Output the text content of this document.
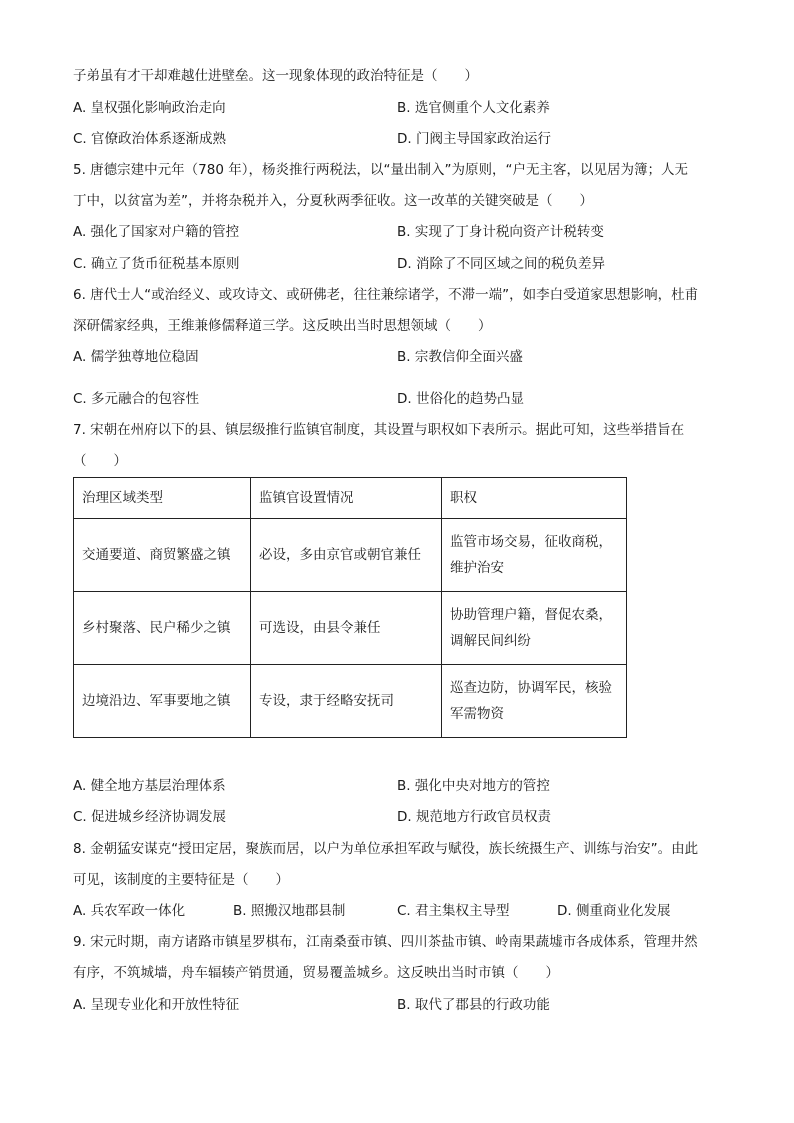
子弟虽有才干却难越仕进壁垒。这一现象体现的政治特征是（　　）
A. 皇权强化影响政治走向	B. 选官侧重个人文化素养
C. 官僚政治体系逐渐成熟	D. 门阀主导国家政治运行
5. 唐德宗建中元年（780 年），杨炎推行两税法，以“量出制入”为原则，“户无主客，以见居为簿；人无
丁中，以贫富为差”，并将杂税并入，分夏秋两季征收。这一改革的关键突破是（　　）
A. 强化了国家对户籍的管控	B. 实现了丁身计税向资产计税转变
C. 确立了货币征税基本原则	D. 消除了不同区域之间的税负差异
6. 唐代士人“或治经义、或攻诗文、或研佛老，往往兼综诸学，不滞一端”，如李白受道家思想影响，杜甫
深研儒家经典，王维兼修儒释道三学。这反映出当时思想领域（　　）
A. 儒学独尊地位稳固	B. 宗教信仰全面兴盛
C. 多元融合的包容性	D. 世俗化的趋势凸显
7. 宋朝在州府以下的县、镇层级推行监镇官制度，其设置与职权如下表所示。据此可知，这些举措旨在
（　　）
治理区域类型	监镇官设置情况	职权
交通要道、商贸繁盛之镇	必设，多由京官或朝官兼任	监管市场交易，征收商税，维护治安
乡村聚落、民户稀少之镇	可选设，由县令兼任	协助管理户籍，督促农桑，调解民间纠纷
边境沿边、军事要地之镇	专设，隶于经略安抚司	巡查边防，协调军民，核验军需物资
A. 健全地方基层治理体系	B. 强化中央对地方的管控
C. 促进城乡经济协调发展	D. 规范地方行政官员权责
8. 金朝猛安谋克“授田定居，聚族而居，以户为单位承担军政与赋役，族长统摄生产、训练与治安”。由此
可见，该制度的主要特征是（　　）
A. 兵农军政一体化	B. 照搬汉地郡县制	C. 君主集权主导型	D. 侧重商业化发展
9. 宋元时期，南方诸路市镇星罗棋布，江南桑蚕市镇、四川茶盐市镇、岭南果蔬墟市各成体系，管理井然
有序，不筑城墙，舟车辐辏产销贯通，贸易覆盖城乡。这反映出当时市镇（　　）
A. 呈现专业化和开放性特征	B. 取代了郡县的行政功能
